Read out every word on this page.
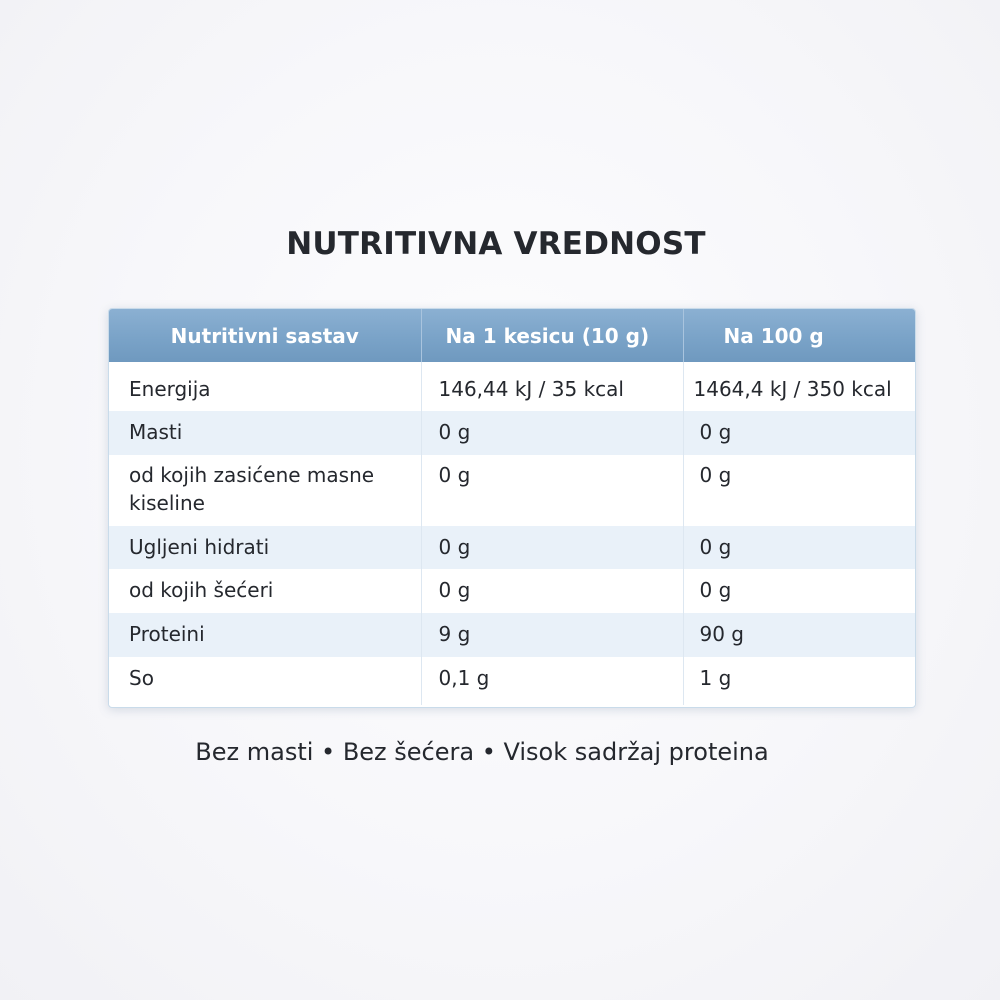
NUTRITIVNA VREDNOST
Nutritivni sastav	Na 1 kesicu (10 g)	Na 100 g
Energija	146,44 kJ / 35 kcal	1464,4 kJ / 350 kcal
Masti	0 g	0 g
od kojih zasićene masne kiseline	0 g	0 g
Ugljeni hidrati	0 g	0 g
od kojih šećeri	0 g	0 g
Proteini	9 g	90 g
So	0,1 g	1 g

Bez masti • Bez šećera • Visok sadržaj proteina
